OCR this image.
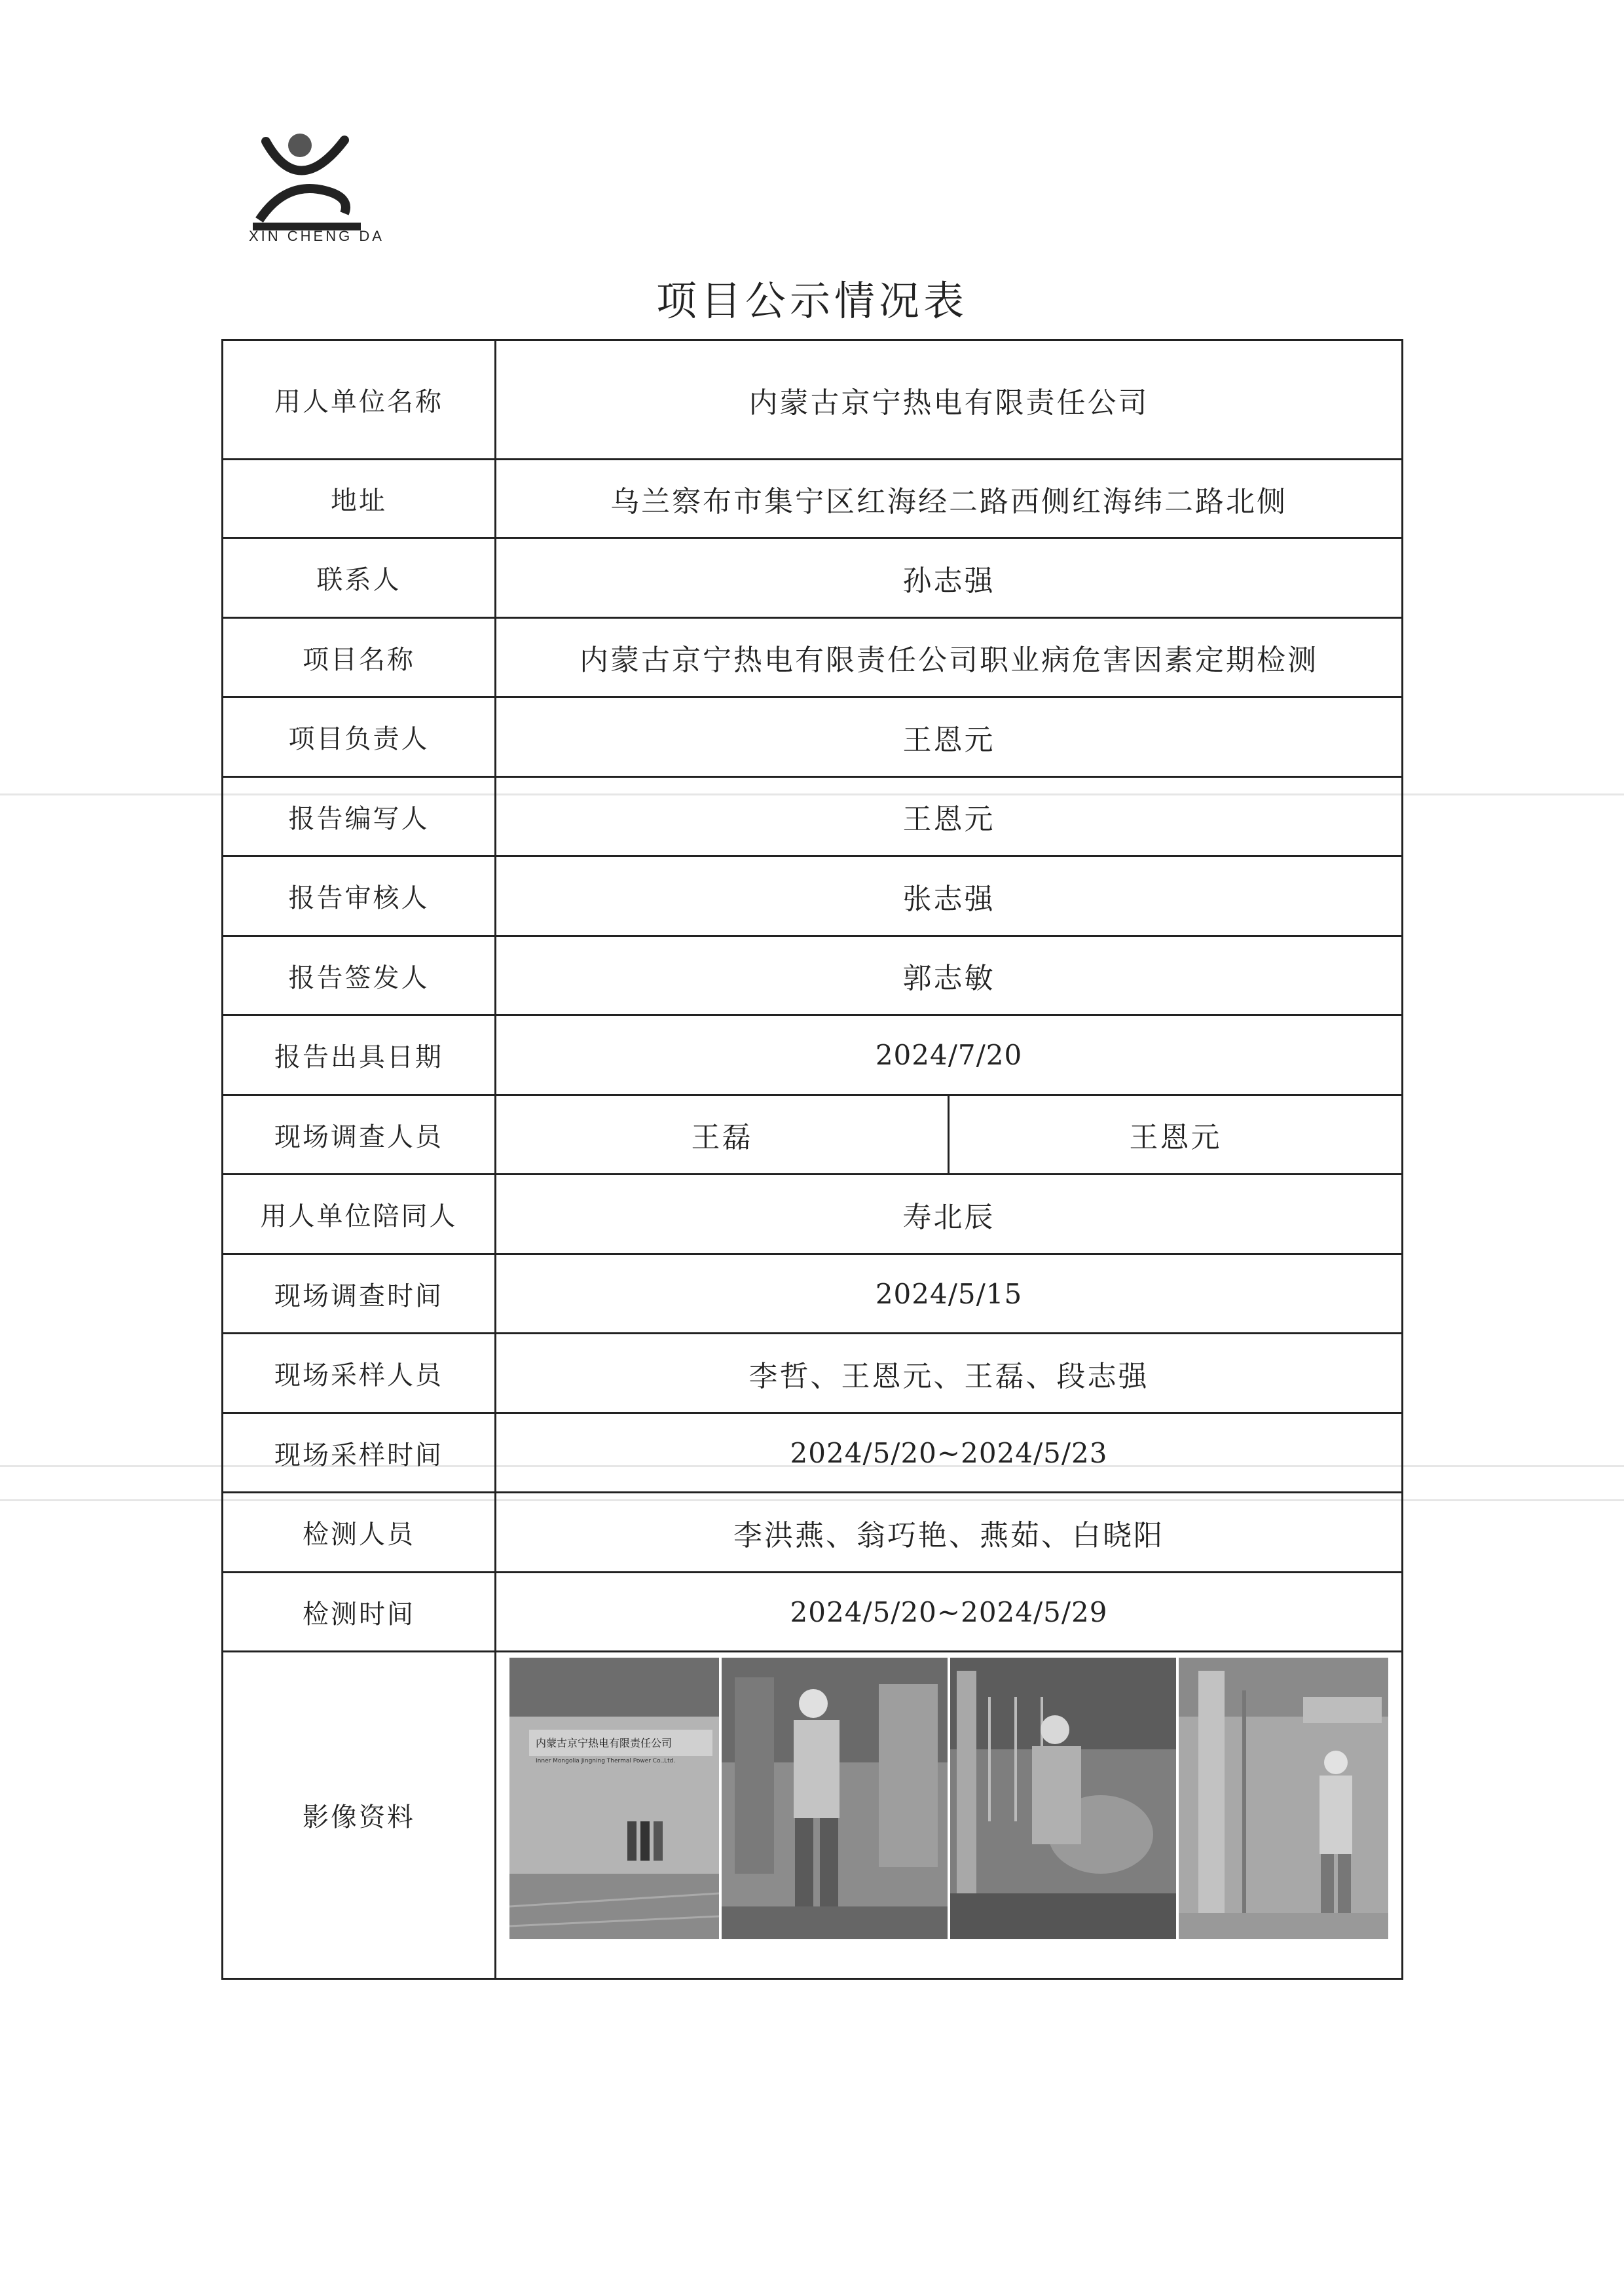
XIN CHENG DA
项目公示情况表
用人单位名称	内蒙古京宁热电有限责任公司	
地址	乌兰察布市集宁区红海经二路西侧红海纬二路北侧	
联系人	孙志强	
项目名称	内蒙古京宁热电有限责任公司职业病危害因素定期检测	
项目负责人	王恩元	
报告编写人	王恩元	
报告审核人	张志强	
报告签发人	郭志敏	
报告出具日期	2024/7/20	
现场调查人员	王磊	王恩元
用人单位陪同人	寿北辰	
现场调查时间	2024/5/15	
现场采样人员	李哲、王恩元、王磊、段志强	
现场采样时间	2024/5/20~2024/5/23	
检测人员	李洪燕、翁巧艳、燕茹、白晓阳	
检测时间	2024/5/20~2024/5/29	
影像资料	内蒙古京宁热电有限责任公司
Inner Mongolia Jingning Thermal Power Co.,Ltd.	
